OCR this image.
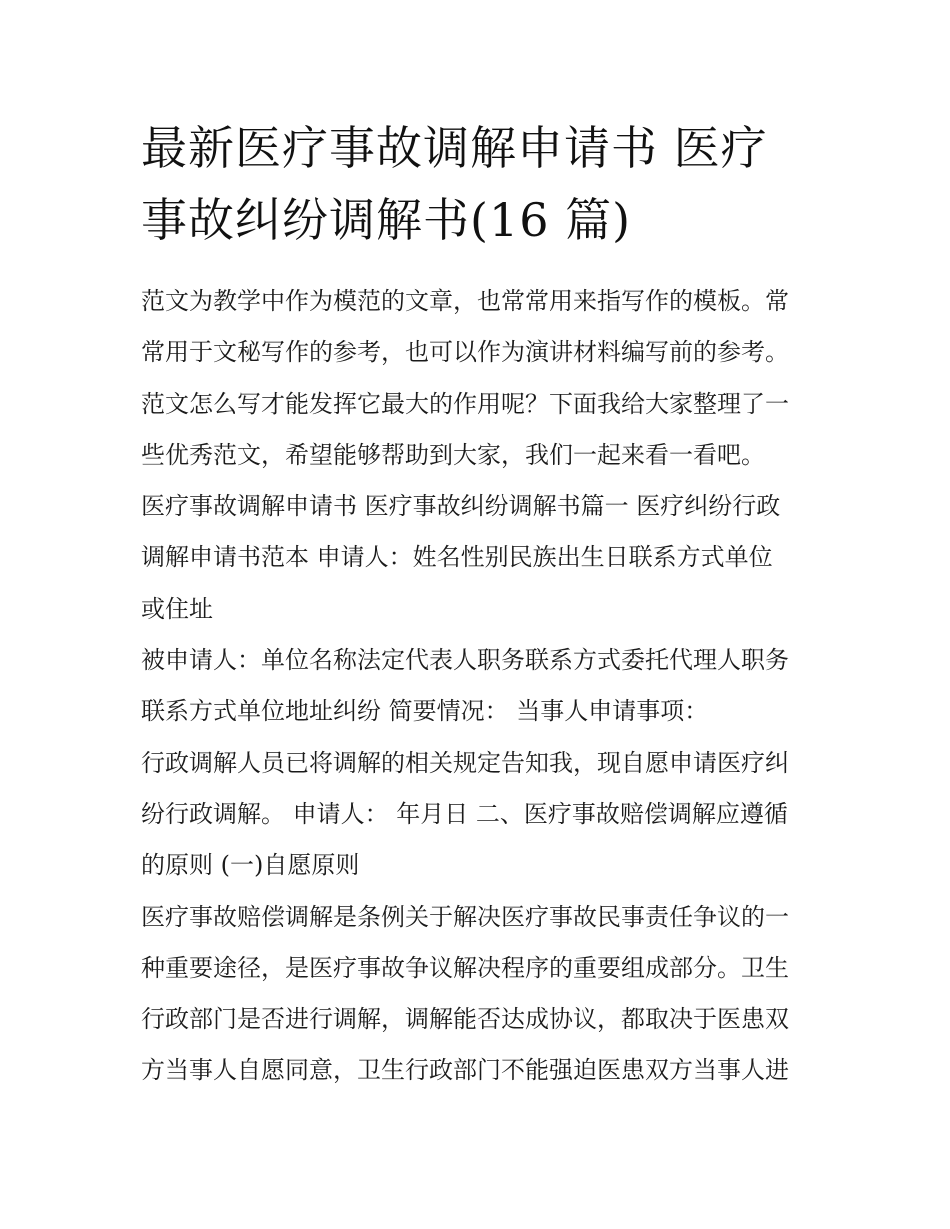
最新医疗事故调解申请书 医疗
事故纠纷调解书(16 篇)
范文为教学中作为模范的文章，也常常用来指写作的模板。常
常用于文秘写作的参考，也可以作为演讲材料编写前的参考。
范文怎么写才能发挥它最大的作用呢？下面我给大家整理了一
些优秀范文，希望能够帮助到大家，我们一起来看一看吧。
医疗事故调解申请书 医疗事故纠纷调解书篇一 医疗纠纷行政
调解申请书范本 申请人：姓名性别民族出生日联系方式单位
或住址
被申请人：单位名称法定代表人职务联系方式委托代理人职务
联系方式单位地址纠纷 简要情况： 当事人申请事项：
行政调解人员已将调解的相关规定告知我，现自愿申请医疗纠
纷行政调解。 申请人： 年月日 二、医疗事故赔偿调解应遵循
的原则 (一)自愿原则
医疗事故赔偿调解是条例关于解决医疗事故民事责任争议的一
种重要途径，是医疗事故争议解决程序的重要组成部分。卫生
行政部门是否进行调解，调解能否达成协议，都取决于医患双
方当事人自愿同意，卫生行政部门不能强迫医患双方当事人进
